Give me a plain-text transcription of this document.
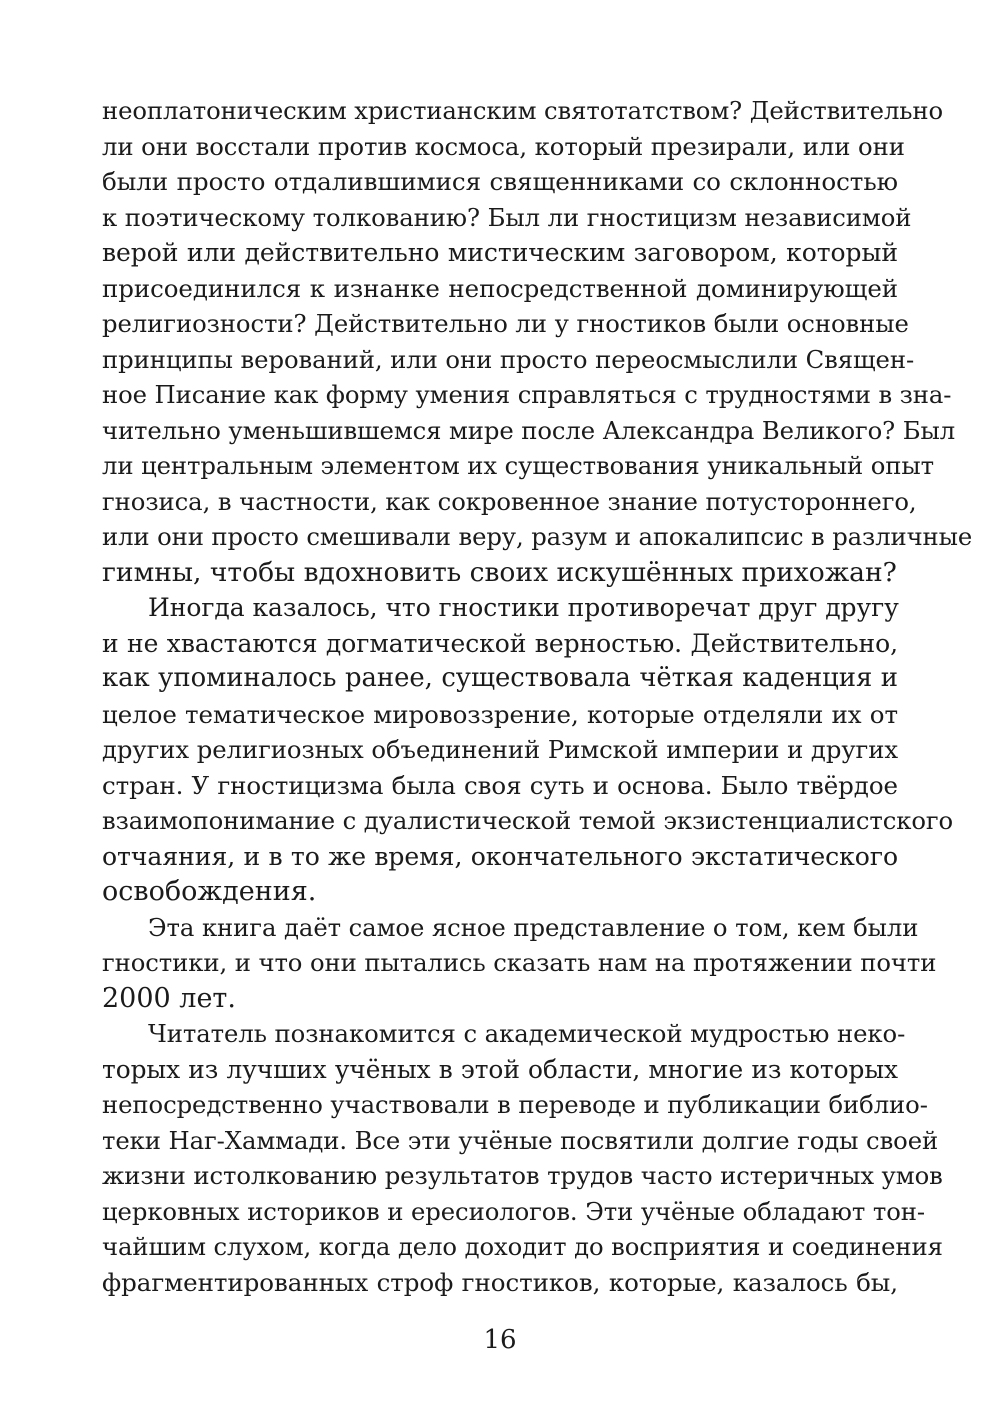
неоплатоническим христианским святотатством? Действительно
ли они восстали против космоса, который презирали, или они
были просто отдалившимися священниками со склонностью
к поэтическому толкованию? Был ли гностицизм независимой
верой или действительно мистическим заговором, который
присоединился к изнанке непосредственной доминирующей
религиозности? Действительно ли у гностиков были основные
принципы верований, или они просто переосмыслили Священ-
ное Писание как форму умения справляться с трудностями в зна-
чительно уменьшившемся мире после Александра Великого? Был
ли центральным элементом их существования уникальный опыт
гнозиса, в частности, как сокровенное знание потустороннего,
или они просто смешивали веру, разум и апокалипсис в различные
гимны, чтобы вдохновить своих искушённых прихожан?
Иногда казалось, что гностики противоречат друг другу
и не хвастаются догматической верностью. Действительно,
как упоминалось ранее, существовала чёткая каденция и
целое тематическое мировоззрение, которые отделяли их от
других религиозных объединений Римской империи и других
стран. У гностицизма была своя суть и основа. Было твёрдое
взаимопонимание с дуалистической темой экзистенциалистского
отчаяния, и в то же время, окончательного экстатического
освобождения.
Эта книга даёт самое ясное представление о том, кем были
гностики, и что они пытались сказать нам на протяжении почти
2000 лет.
Читатель познакомится с академической мудростью неко-
торых из лучших учёных в этой области, многие из которых
непосредственно участвовали в переводе и публикации библио-
теки Наг-Хаммади. Все эти учёные посвятили долгие годы своей
жизни истолкованию результатов трудов часто истеричных умов
церковных историков и ересиологов. Эти учёные обладают тон-
чайшим слухом, когда дело доходит до восприятия и соединения
фрагментированных строф гностиков, которые, казалось бы,
16
